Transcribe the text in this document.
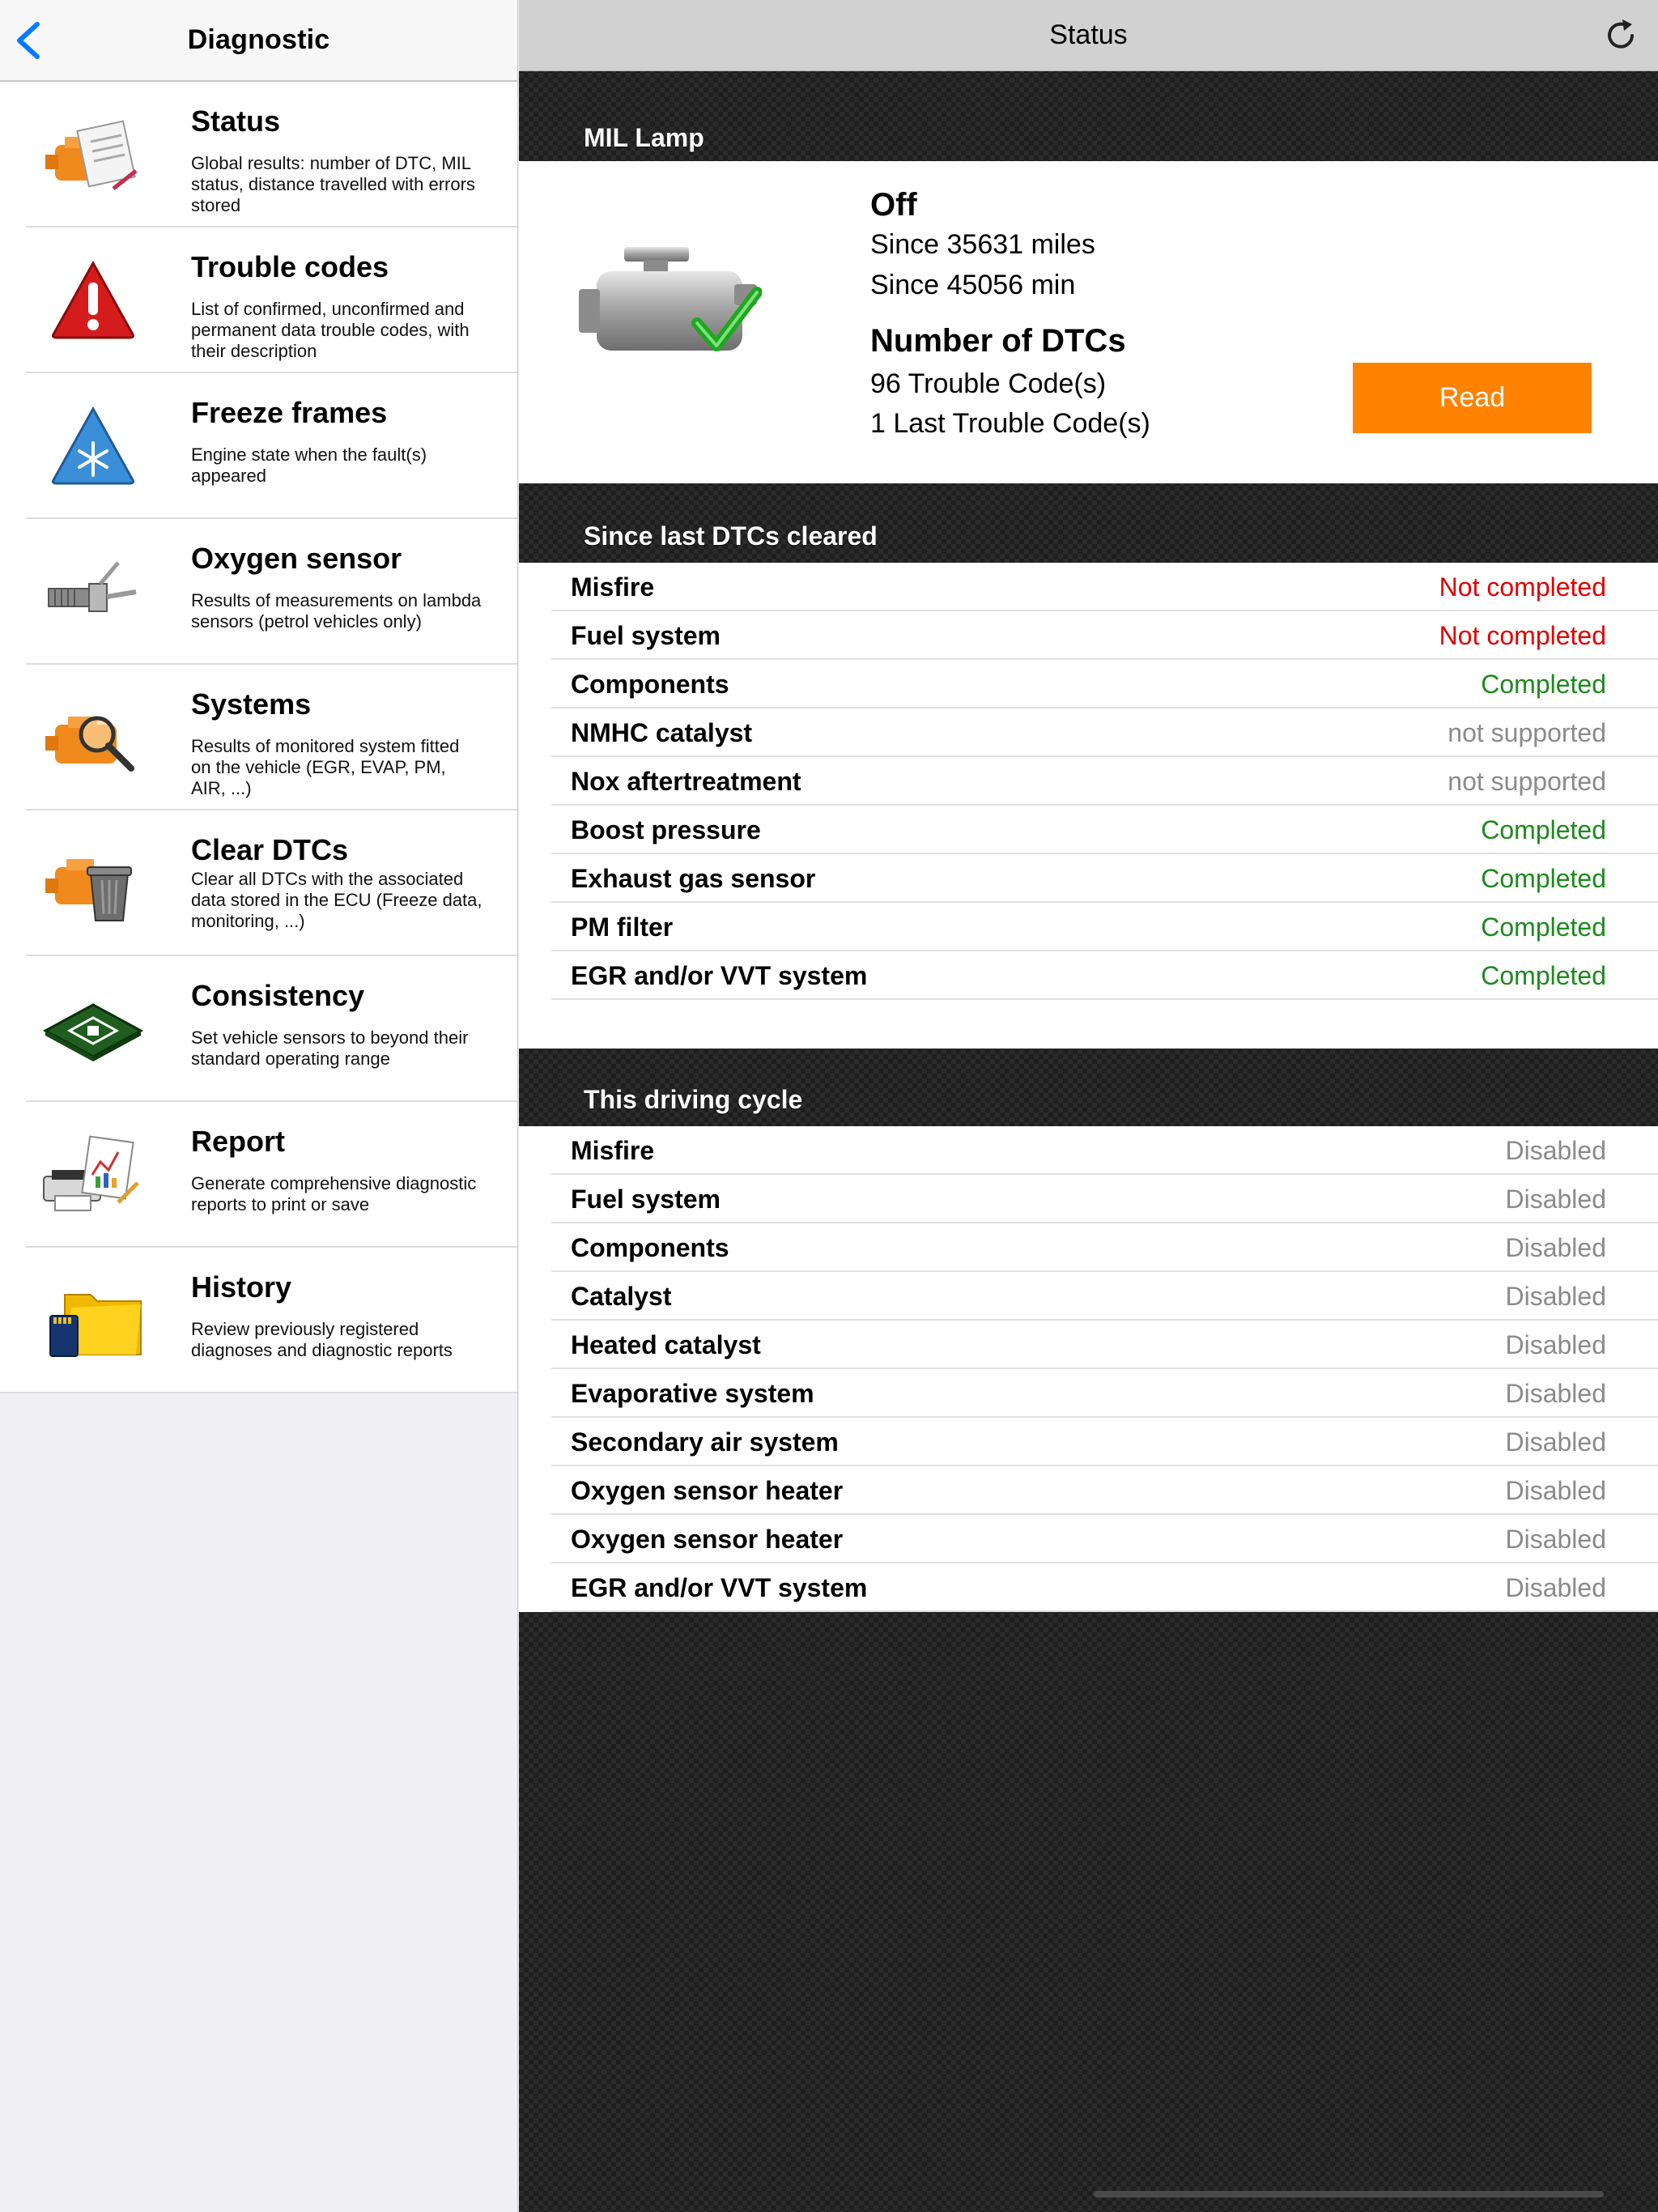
Diagnostic
Status
Global results: number of DTC, MIL status, distance travelled with errors stored
Trouble codes
List of confirmed, unconfirmed and permanent data trouble codes, with their description
Freeze frames
Engine state when the fault(s) appeared
Oxygen sensor
Results of measurements on lambda sensors (petrol vehicles only)
Systems
Results of monitored system fitted on the vehicle (EGR, EVAP, PM, AIR, ...)
Clear DTCs
Clear all DTCs with the associated data stored in the ECU (Freeze data, monitoring, ...)
Consistency
Set vehicle sensors to beyond their standard operating range
Report
Generate comprehensive diagnostic reports to print or save
History
Review previously registered diagnoses and diagnostic reports
Status
MIL Lamp
Off
Since 35631 miles
Since 45056 min
Number of DTCs
96 Trouble Code(s)
1 Last Trouble Code(s)
Read
Since last DTCs cleared
Misfire	Not completed
Fuel system	Not completed
Components	Completed
NMHC catalyst	not supported
Nox aftertreatment	not supported
Boost pressure	Completed
Exhaust gas sensor	Completed
PM filter	Completed
EGR and/or VVT system	Completed
This driving cycle
Misfire	Disabled
Fuel system	Disabled
Components	Disabled
Catalyst	Disabled
Heated catalyst	Disabled
Evaporative system	Disabled
Secondary air system	Disabled
Oxygen sensor heater	Disabled
Oxygen sensor heater	Disabled
EGR and/or VVT system	Disabled
